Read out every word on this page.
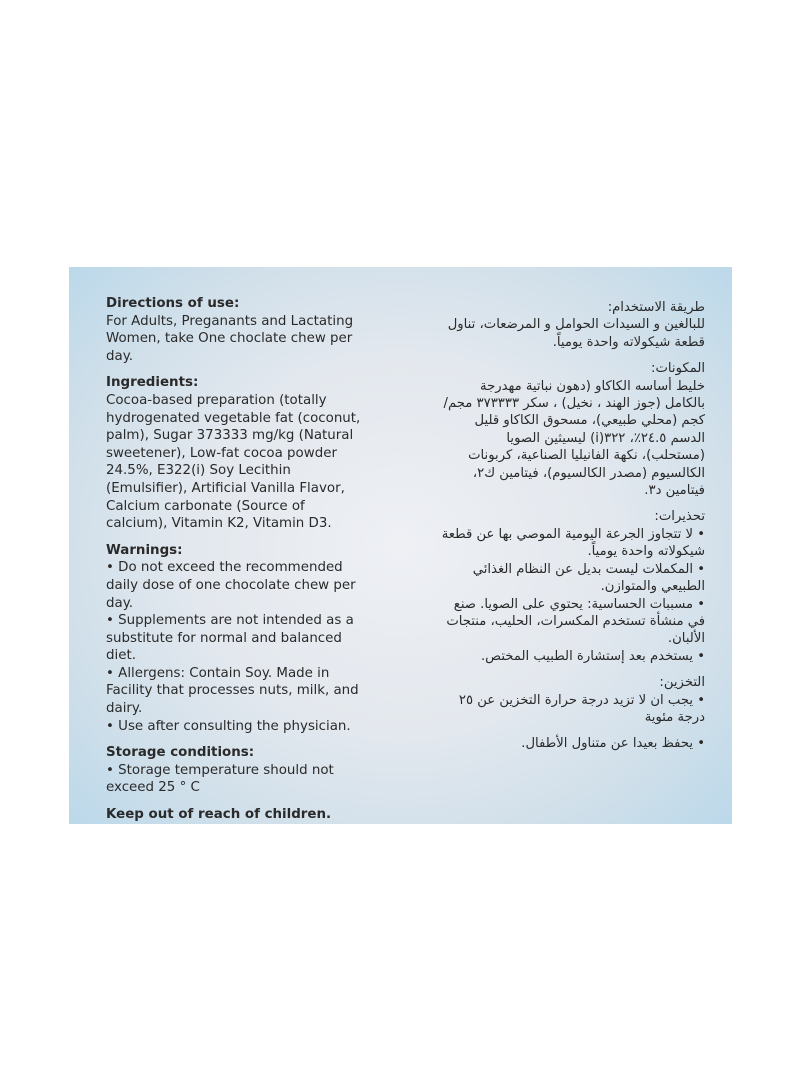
Directions of use:
For Adults, Preganants and Lactating Women, take One choclate chew per day.
Ingredients:
Cocoa-based preparation (totally hydrogenated vegetable fat (coconut, palm), Sugar 373333 mg/kg (Natural sweetener), Low-fat cocoa powder 24.5%, E322(i) Soy Lecithin (Emulsifier), Artificial Vanilla Flavor, Calcium carbonate (Source of calcium), Vitamin K2, Vitamin D3.
Warnings:
• Do not exceed the recommended daily dose of one chocolate chew per day.
• Supplements are not intended as a substitute for normal and balanced diet.
• Allergens: Contain Soy. Made in Facility that processes nuts, milk, and dairy.
• Use after consulting the physician.
Storage conditions:
• Storage temperature should not exceed 25 ° C
Keep out of reach of children.
طريقة الاستخدام:
للبالغين و السيدات الحوامل و المرضعات، تناول قطعة شيكولاته واحدة يومياً.
المكونات:
خليط أساسه الكاكاو (دهون نباتية مهدرجة بالكامل (جوز الهند ، نخيل) ، سكر ٣٧٣٣٣٣ مجم/كجم (محلي طبيعي)، مسحوق الكاكاو قليل الدسم ٢٤.٥٪، ٣٢٢(i) ليسيثين الصويا (مستحلب)، نكهة الفانيليا الصناعية، كربونات الكالسيوم (مصدر الكالسيوم)، فيتامين ك٢، فيتامين د٣.
تحذيرات:
• لا تتجاوز الجرعة اليومية الموصي بها عن قطعة شيكولاته واحدة يومياً.
• المكملات ليست بديل عن النظام الغذائي الطبيعي والمتوازن.
• مسببات الحساسية: يحتوي على الصويا. صنع في منشأة تستخدم المكسرات، الحليب، منتجات الألبان.
• يستخدم بعد إستشارة الطبيب المختص.
التخزين:
• يجب ان لا تزيد درجة حرارة التخزين عن ٢٥ درجة مئوية
• يحفظ بعيدا عن متناول الأطفال.
